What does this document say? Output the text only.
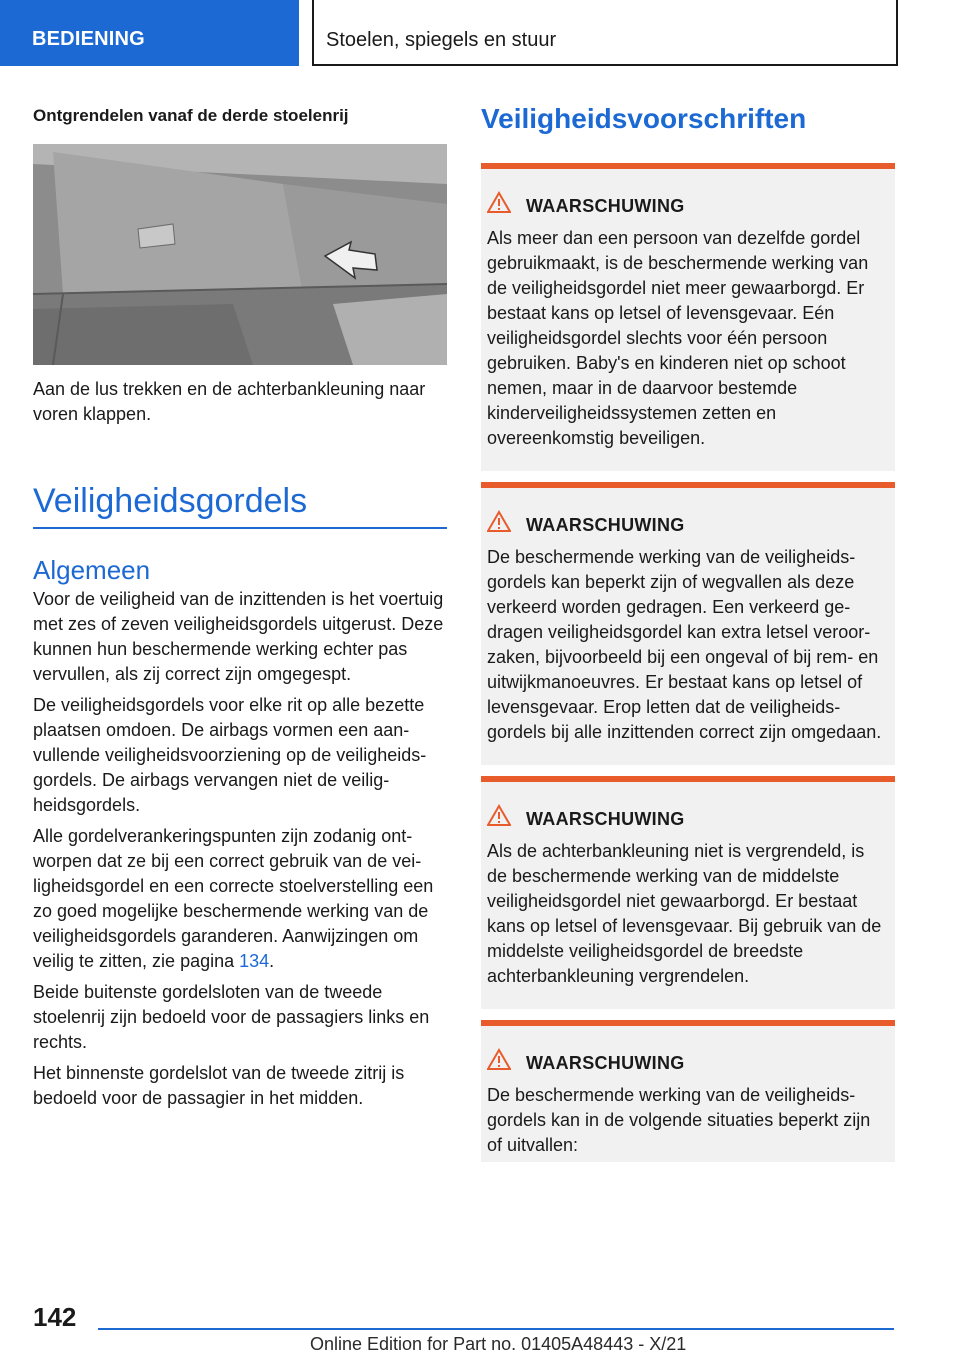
BEDIENING	Stoelen, spiegels en stuur
Ontgrendelen vanaf de derde stoelenrij
Aan de lus trekken en de achterbankleuning naar voren klappen.
Veiligheidsgordels
Algemeen
Voor de veiligheid van de inzittenden is het voertuig met zes of zeven veiligheidsgordels uitgerust. Deze kunnen hun beschermende werking echter pas vervullen, als zij correct zijn omgegespt.
De veiligheidsgordels voor elke rit op alle bezette plaatsen omdoen. De airbags vormen een aanvullende veiligheidsvoorziening op de veiligheidsgordels. De airbags vervangen niet de veiligheidsgordels.
Alle gordelverankeringspunten zijn zodanig ontworpen dat ze bij een correct gebruik van de veiligheidsgordel en een correcte stoelverstelling een zo goed mogelijke beschermende werking van de veiligheidsgordels garanderen. Aanwijzingen om veilig te zitten, zie pagina 134.
Beide buitenste gordelsloten van de tweede stoelenrij zijn bedoeld voor de passagiers links en rechts.
Het binnenste gordelslot van de tweede zitrij is bedoeld voor de passagier in het midden.
Veiligheidsvoorschriften
WAARSCHUWING
Als meer dan een persoon van dezelfde gordel gebruikmaakt, is de beschermende werking van de veiligheidsgordel niet meer gewaarborgd. Er bestaat kans op letsel of levensgevaar. Eén veiligheidsgordel slechts voor één persoon gebruiken. Baby's en kinderen niet op schoot nemen, maar in de daarvoor bestemde kinderveiligheidssystemen zetten en overeenkomstig beveiligen.
WAARSCHUWING
De beschermende werking van de veiligheidsgordels kan beperkt zijn of wegvallen als deze verkeerd worden gedragen. Een verkeerd gedragen veiligheidsgordel kan extra letsel veroorzaken, bijvoorbeeld bij een ongeval of bij rem- en uitwijkmanoeuvres. Er bestaat kans op letsel of levensgevaar. Erop letten dat de veiligheidsgordels bij alle inzittenden correct zijn omgedaan.
WAARSCHUWING
Als de achterbankleuning niet is vergrendeld, is de beschermende werking van de middelste veiligheidsgordel niet gewaarborgd. Er bestaat kans op letsel of levensgevaar. Bij gebruik van de middelste veiligheidsgordel de breedste achterbankleuning vergrendelen.
WAARSCHUWING
De beschermende werking van de veiligheidsgordels kan in de volgende situaties beperkt zijn of uitvallen:
142
Online Edition for Part no. 01405A48443 - X/21
